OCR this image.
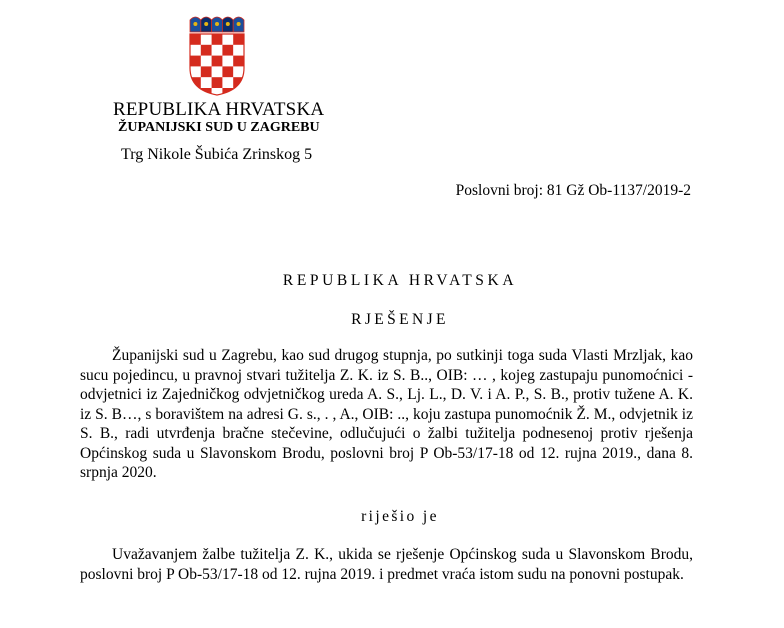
REPUBLIKA HRVATSKA
ŽUPANIJSKI SUD U ZAGREBU
Trg Nikole Šubića Zrinskog 5
Poslovni broj: 81 Gž Ob-1137/2019-2
REPUBLIKA HRVATSKA
RJEŠENJE
Županijski sud u Zagrebu, kao sud drugog stupnja, po sutkinji toga suda Vlasti Mrzljak, kao sucu pojedincu, u pravnoj stvari tužitelja Z. K. iz S. B.., OIB: … , kojeg zastupaju punomoćnici - odvjetnici iz Zajedničkog odvjetničkog ureda A. S., Lj. L., D. V. i A. P., S. B., protiv tužene A. K. iz S. B…, s boravištem na adresi G. s., . , A., OIB: .., koju zastupa punomoćnik Ž. M., odvjetnik iz S. B., radi utvrđenja bračne stečevine, odlučujući o žalbi tužitelja podnesenoj protiv rješenja Općinskog suda u Slavonskom Brodu, poslovni broj P Ob-53/17-18 od 12. rujna 2019., dana 8. srpnja 2020.
riješio je
Uvažavanjem žalbe tužitelja Z. K., ukida se rješenje Općinskog suda u Slavonskom Brodu, poslovni broj P Ob-53/17-18 od 12. rujna 2019. i predmet vraća istom sudu na ponovni postupak.
